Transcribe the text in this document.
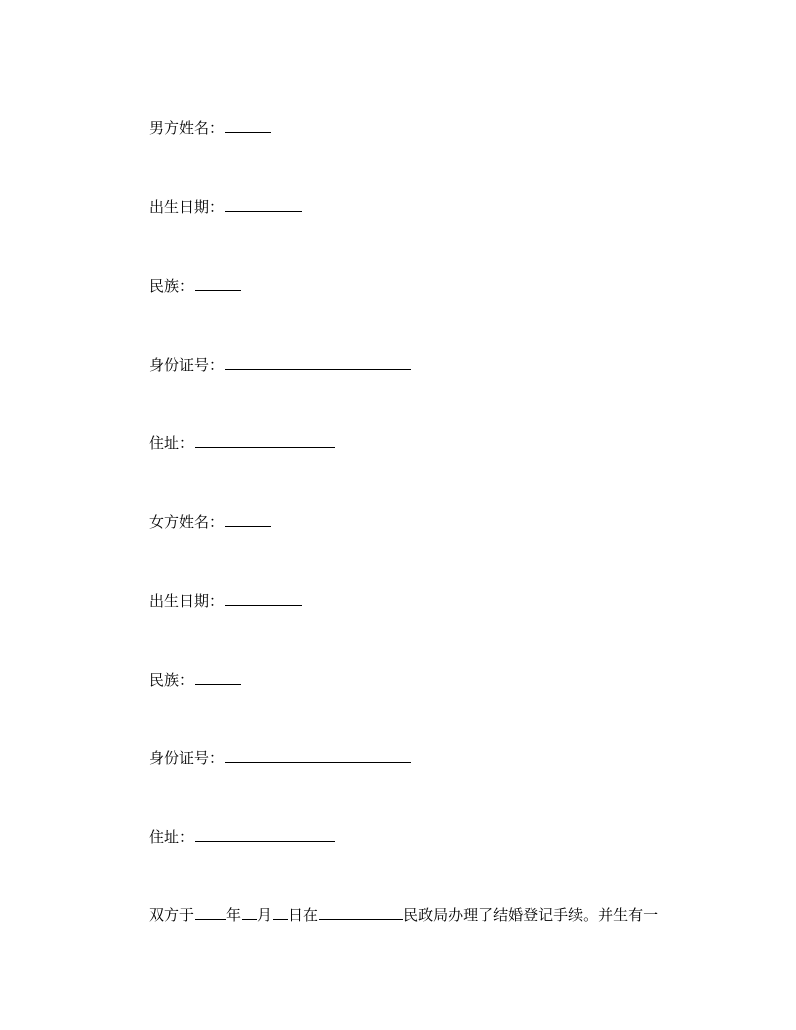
男方姓名：
出生日期：
民族：
身份证号：
住址：
女方姓名：
出生日期：
民族：
身份证号：
住址：
双方于 年 月 日在	民政局办理了结婚登记手续。并生有一
